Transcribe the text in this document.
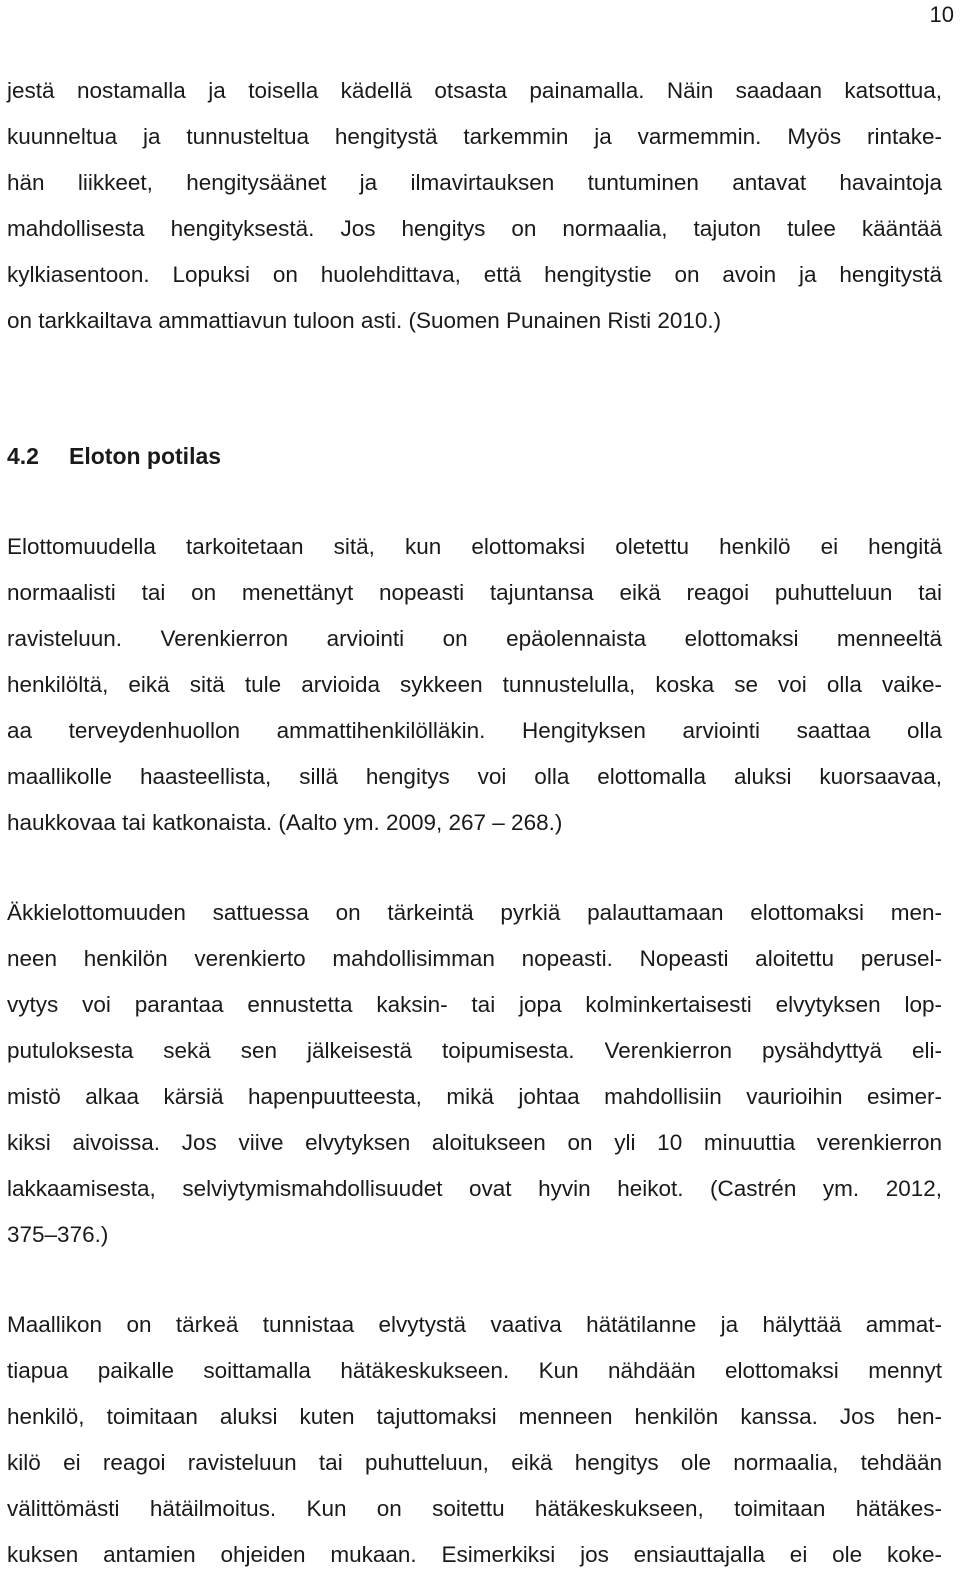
10
jestä nostamalla ja toisella kädellä otsasta painamalla. Näin saadaan katsottua,
kuunneltua ja tunnusteltua hengitystä tarkemmin ja varmemmin. Myös rintake-
hän liikkeet, hengitysäänet ja ilmavirtauksen tuntuminen antavat havaintoja
mahdollisesta hengityksestä. Jos hengitys on normaalia, tajuton tulee kääntää
kylkiasentoon. Lopuksi on huolehdittava, että hengitystie on avoin ja hengitystä
on tarkkailtava ammattiavun tuloon asti. (Suomen Punainen Risti 2010.)
4.2 Eloton potilas
Elottomuudella tarkoitetaan sitä, kun elottomaksi oletettu henkilö ei hengitä
normaalisti tai on menettänyt nopeasti tajuntansa eikä reagoi puhutteluun tai
ravisteluun. Verenkierron arviointi on epäolennaista elottomaksi menneeltä
henkilöltä, eikä sitä tule arvioida sykkeen tunnustelulla, koska se voi olla vaike-
aa terveydenhuollon ammattihenkilölläkin. Hengityksen arviointi saattaa olla
maallikolle haasteellista, sillä hengitys voi olla elottomalla aluksi kuorsaavaa,
haukkovaa tai katkonaista. (Aalto ym. 2009, 267 – 268.)
Äkkielottomuuden sattuessa on tärkeintä pyrkiä palauttamaan elottomaksi men-
neen henkilön verenkierto mahdollisimman nopeasti. Nopeasti aloitettu perusel-
vytys voi parantaa ennustetta kaksin- tai jopa kolminkertaisesti elvytyksen lop-
putuloksesta sekä sen jälkeisestä toipumisesta. Verenkierron pysähdyttyä eli-
mistö alkaa kärsiä hapenpuutteesta, mikä johtaa mahdollisiin vaurioihin esimer-
kiksi aivoissa. Jos viive elvytyksen aloitukseen on yli 10 minuuttia verenkierron
lakkaamisesta, selviytymismahdollisuudet ovat hyvin heikot. (Castrén ym. 2012,
375–376.)
Maallikon on tärkeä tunnistaa elvytystä vaativa hätätilanne ja hälyttää ammat-
tiapua paikalle soittamalla hätäkeskukseen. Kun nähdään elottomaksi mennyt
henkilö, toimitaan aluksi kuten tajuttomaksi menneen henkilön kanssa. Jos hen-
kilö ei reagoi ravisteluun tai puhutteluun, eikä hengitys ole normaalia, tehdään
välittömästi hätäilmoitus. Kun on soitettu hätäkeskukseen, toimitaan hätäkes-
kuksen antamien ohjeiden mukaan. Esimerkiksi jos ensiauttajalla ei ole koke-
